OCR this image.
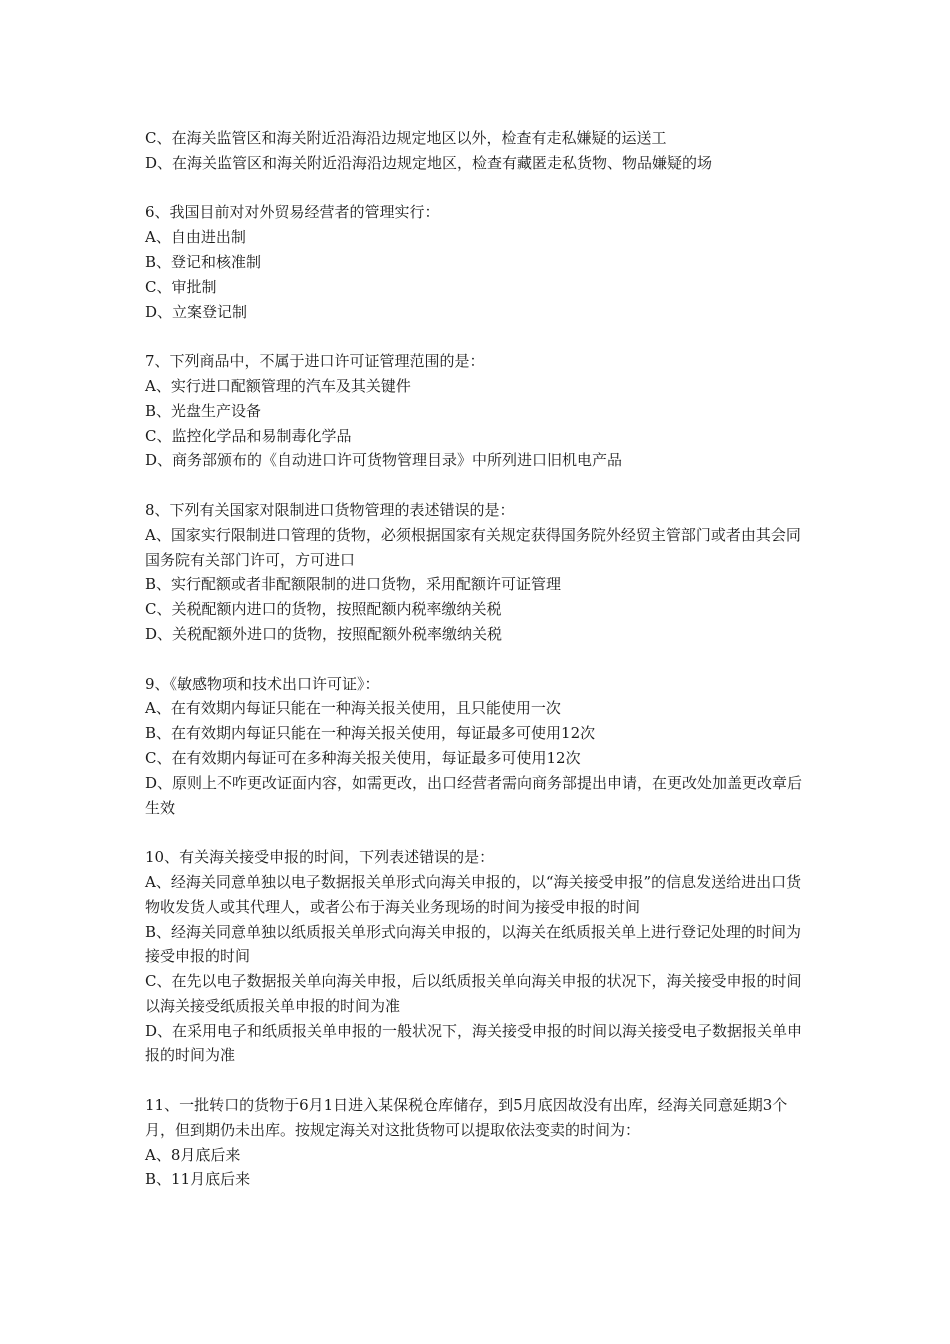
C、在海关监管区和海关附近沿海沿边规定地区以外，检查有走私嫌疑的运送工
D、在海关监管区和海关附近沿海沿边规定地区，检查有藏匿走私货物、物品嫌疑的场
6、我国目前对对外贸易经营者的管理实行：
A、自由进出制
B、登记和核准制
C、审批制
D、立案登记制
7、下列商品中，不属于进口许可证管理范围的是：
A、实行进口配额管理的汽车及其关键件
B、光盘生产设备
C、监控化学品和易制毒化学品
D、商务部颁布的《自动进口许可货物管理目录》中所列进口旧机电产品
8、下列有关国家对限制进口货物管理的表述错误的是：
A、国家实行限制进口管理的货物，必须根据国家有关规定获得国务院外经贸主管部门或者由其会同国务院有关部门许可，方可进口
B、实行配额或者非配额限制的进口货物，采用配额许可证管理
C、关税配额内进口的货物，按照配额内税率缴纳关税
D、关税配额外进口的货物，按照配额外税率缴纳关税
9、《敏感物项和技术出口许可证》：
A、在有效期内每证只能在一种海关报关使用，且只能使用一次
B、在有效期内每证只能在一种海关报关使用，每证最多可使用12次
C、在有效期内每证可在多种海关报关使用，每证最多可使用12次
D、原则上不咋更改证面内容，如需更改，出口经营者需向商务部提出申请，在更改处加盖更改章后生效
10、有关海关接受申报的时间，下列表述错误的是：
A、经海关同意单独以电子数据报关单形式向海关申报的，以“海关接受申报”的信息发送给进出口货物收发货人或其代理人，或者公布于海关业务现场的时间为接受申报的时间
B、经海关同意单独以纸质报关单形式向海关申报的，以海关在纸质报关单上进行登记处理的时间为接受申报的时间
C、在先以电子数据报关单向海关申报，后以纸质报关单向海关申报的状况下，海关接受申报的时间以海关接受纸质报关单申报的时间为准
D、在采用电子和纸质报关单申报的一般状况下，海关接受申报的时间以海关接受电子数据报关单申报的时间为准
11、一批转口的货物于6月1日进入某保税仓库储存，到5月底因故没有出库，经海关同意延期3个月，但到期仍未出库。按规定海关对这批货物可以提取依法变卖的时间为：
A、8月底后来
B、11月底后来
